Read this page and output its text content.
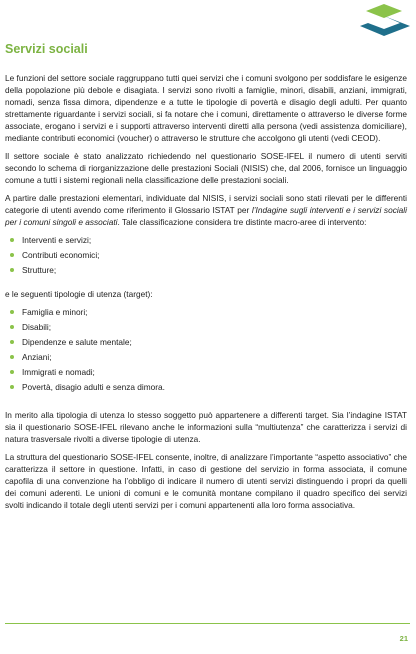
Servizi sociali

Le funzioni del settore sociale raggruppano tutti quei servizi che i comuni svolgono per soddisfare le esigenze della popolazione più debole e disagiata. I servizi sono rivolti a famiglie, minori, disabili, anziani, immigrati, nomadi, senza fissa dimora, dipendenze e a tutte le tipologie di povertà e disagio degli adulti. Per quanto strettamente riguardante i servizi sociali, si fa notare che i comuni, direttamente o attraverso le diverse forme associate, erogano i servizi e i supporti attraverso interventi diretti alla persona (vedi assistenza domiciliare), mediante contributi economici (voucher) o attraverso le strutture che accolgono gli utenti (vedi CEOD).

Il settore sociale è stato analizzato richiedendo nel questionario SOSE-IFEL il numero di utenti serviti secondo lo schema di riorganizzazione delle prestazioni Sociali (NISIS) che, dal 2006, fornisce un linguaggio comune a tutti i sistemi regionali nella classificazione delle prestazioni sociali.

A partire dalle prestazioni elementari, individuate dal NISIS, i servizi sociali sono stati rilevati per le differenti categorie di utenti avendo come riferimento il Glossario ISTAT per l’Indagine sugli interventi e i servizi sociali per i comuni singoli e associati. Tale classificazione considera tre distinte macro-aree di intervento:

Interventi e servizi;
Contributi economici;
Strutture;

e le seguenti tipologie di utenza (target):

Famiglia e minori;
Disabili;
Dipendenze e salute mentale;
Anziani;
Immigrati e nomadi;
Povertà, disagio adulti e senza dimora.

In merito alla tipologia di utenza lo stesso soggetto può appartenere a differenti target. Sia l’indagine ISTAT sia il questionario SOSE-IFEL rilevano anche le informazioni sulla “multiutenza” che caratterizza i servizi di natura trasversale rivolti a diverse tipologie di utenza.

La struttura del questionario SOSE-IFEL consente, inoltre, di analizzare l’importante “aspetto associativo” che caratterizza il settore in questione. Infatti, in caso di gestione del servizio in forma associata, il comune capofila di una convenzione ha l’obbligo di indicare il numero di utenti servizi distinguendo i propri da quelli dei comuni aderenti. Le unioni di comuni e le comunità montane compilano il quadro specifico dei servizi svolti indicando il totale degli utenti servizi per i comuni appartenenti alla loro forma associativa.

21
